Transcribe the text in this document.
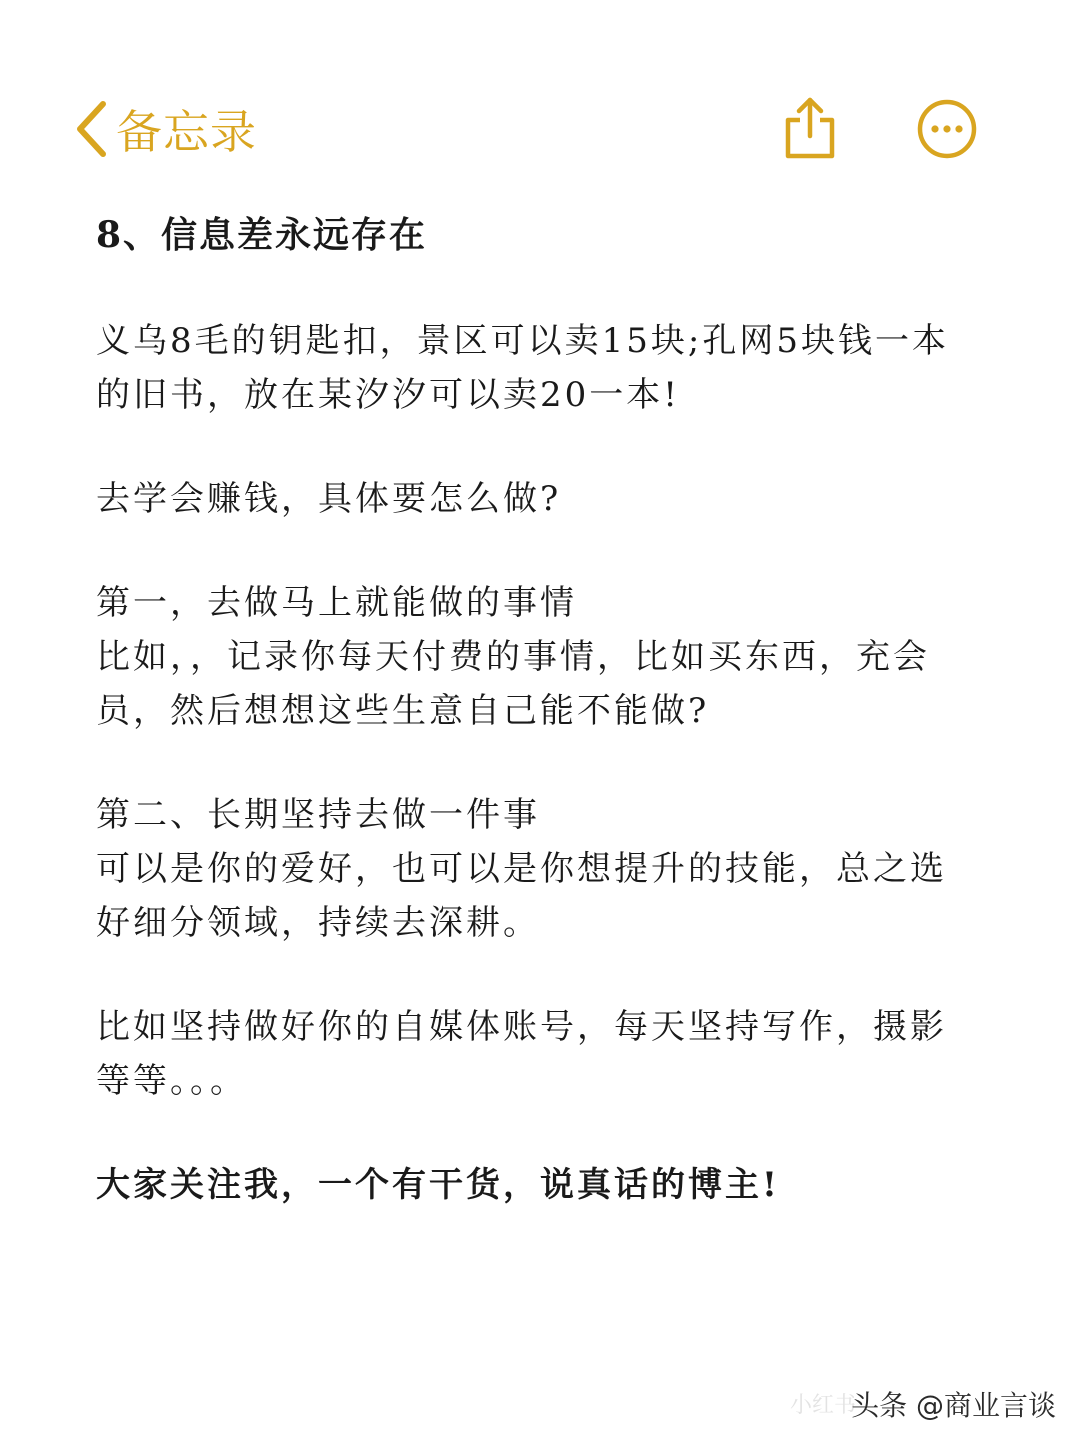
备忘录

8、信息差永远存在

义乌8毛的钥匙扣，景区可以卖15块;孔网5块钱一本的旧书，放在某汐汐可以卖20一本!

去学会赚钱，具体要怎么做?

第一，去做马上就能做的事情

比如，，记录你每天付费的事情，比如买东西，充会员，然后想想这些生意自己能不能做?

第二、长期坚持去做一件事

可以是你的爱好，也可以是你想提升的技能，总之选好细分领域，持续去深耕。

比如坚持做好你的自媒体账号，每天坚持写作，摄影等等。。。

大家关注我，一个有干货，说真话的博主!

小红书
头条 @商业言谈
